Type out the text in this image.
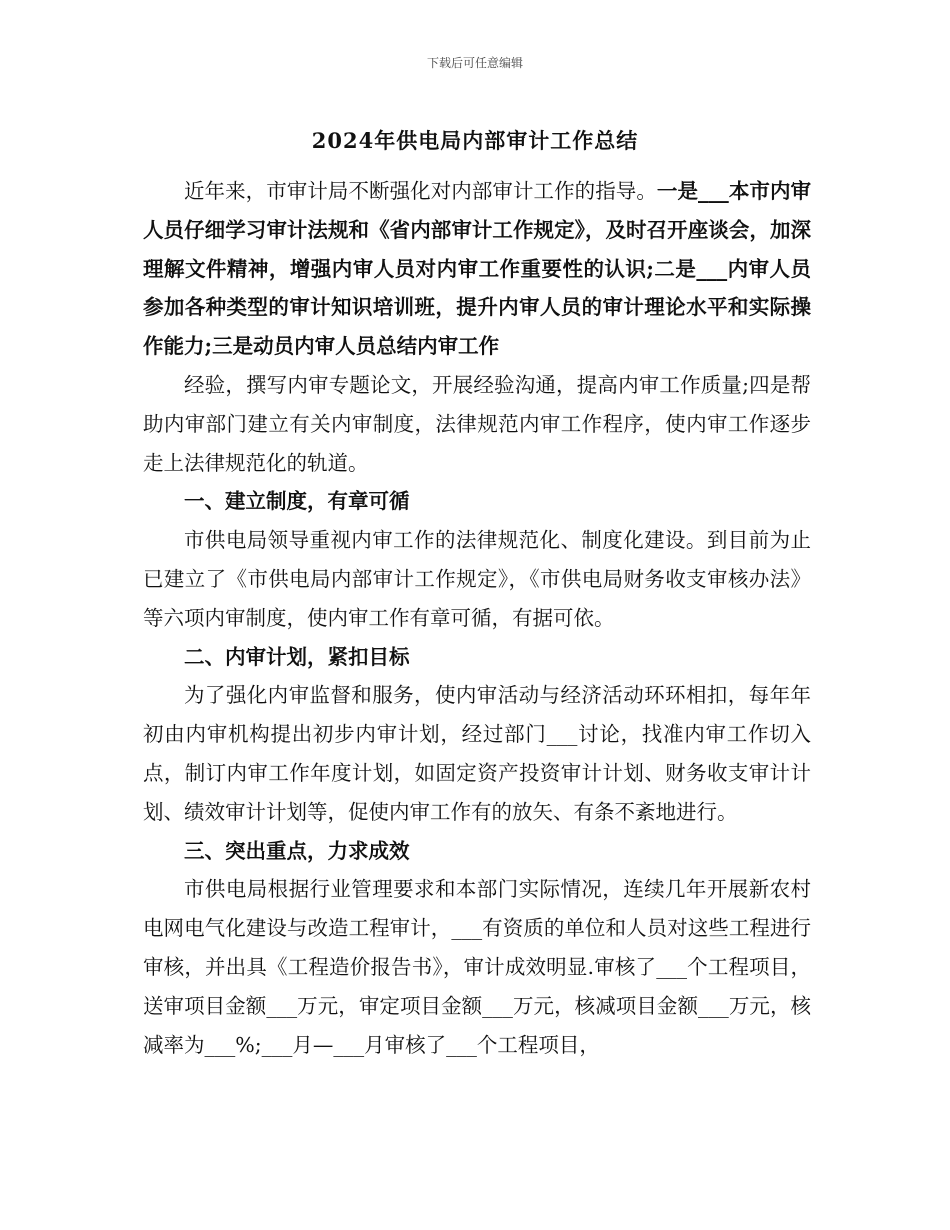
下载后可任意编辑
2024年供电局内部审计工作总结

近年来，市审计局不断强化对内部审计工作的指导。一是___本市内审人员仔细学习审计法规和《省内部审计工作规定》，及时召开座谈会，加深理解文件精神，增强内审人员对内审工作重要性的认识;二是___内审人员参加各种类型的审计知识培训班，提升内审人员的审计理论水平和实际操作能力;三是动员内审人员总结内审工作

经验，撰写内审专题论文，开展经验沟通，提高内审工作质量;四是帮助内审部门建立有关内审制度，法律规范内审工作程序，使内审工作逐步走上法律规范化的轨道。

一、建立制度，有章可循

市供电局领导重视内审工作的法律规范化、制度化建设。到目前为止已建立了《市供电局内部审计工作规定》，《市供电局财务收支审核办法》等六项内审制度，使内审工作有章可循，有据可依。

二、内审计划，紧扣目标

为了强化内审监督和服务，使内审活动与经济活动环环相扣，每年年初由内审机构提出初步内审计划，经过部门___讨论，找准内审工作切入点，制订内审工作年度计划，如固定资产投资审计计划、财务收支审计计划、绩效审计计划等，促使内审工作有的放矢、有条不紊地进行。

三、突出重点，力求成效

市供电局根据行业管理要求和本部门实际情况，连续几年开展新农村电网电气化建设与改造工程审计，___有资质的单位和人员对这些工程进行审核，并出具《工程造价报告书》，审计成效明显.审核了___个工程项目，送审项目金额___万元，审定项目金额___万元，核减项目金额___万元，核减率为___%;___月—___月审核了___个工程项目，
